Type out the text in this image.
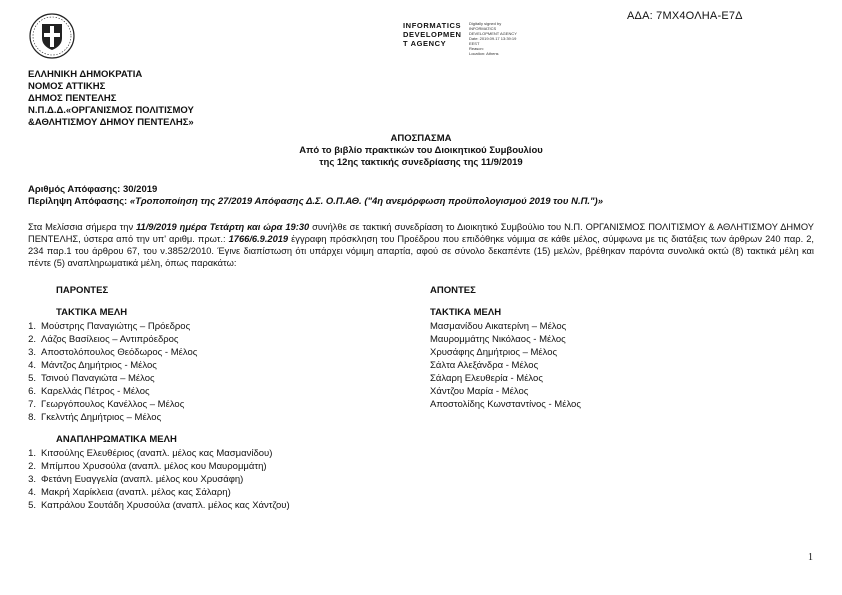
ΑΔΑ: 7ΜΧ4ΟΛΗΑ-Ε7Δ
INFORMATICS
DEVELOPMEN
T AGENCY

Digitally signed by
INFORMATICS
DEVELOPMENT AGENCY
Date: 2019.09.17 13:39:19
EEST
Reason:
Location: Athens
ΕΛΛΗΝΙΚΗ ΔΗΜΟΚΡΑΤΙΑ
ΝΟΜΟΣ ΑΤΤΙΚΗΣ
ΔΗΜΟΣ ΠΕΝΤΕΛΗΣ
Ν.Π.Δ.Δ.«ΟΡΓΑΝΙΣΜΟΣ ΠΟΛΙΤΙΣΜΟΥ
&ΑΘΛΗΤΙΣΜΟΥ ΔΗΜΟΥ ΠΕΝΤΕΛΗΣ»
ΑΠΟΣΠΑΣΜΑ
Από το βιβλίο πρακτικών του Διοικητικού Συμβουλίου
της 12ης τακτικής συνεδρίασης της 11/9/2019
Αριθμός Απόφασης: 30/2019
Περίληψη Απόφασης: «Τροποποίηση της 27/2019 Απόφασης Δ.Σ. Ο.Π.ΑΘ. ("4η ανεμόρφωση προϋπολογισμού 2019 του Ν.Π.")»
Στα Μελίσσια σήμερα την 11/9/2019 ημέρα Τετάρτη και ώρα 19:30 συνήλθε σε τακτική συνεδρίαση το Διοικητικό Συμβούλιο του Ν.Π. ΟΡΓΑΝΙΣΜΟΣ ΠΟΛΙΤΙΣΜΟΥ & ΑΘΛΗΤΙΣΜΟΥ ΔΗΜΟΥ ΠΕΝΤΕΛΗΣ, ύστερα από την υπ' αριθμ. πρωτ.: 1766/6.9.2019 έγγραφη πρόσκληση του Προέδρου που επιδόθηκε νόμιμα σε κάθε μέλος, σύμφωνα με τις διατάξεις των άρθρων 240 παρ. 2, 234 παρ.1 του άρθρου 67, του ν.3852/2010. Έγινε διαπίστωση ότι υπάρχει νόμιμη απαρτία, αφού σε σύνολο δεκαπέντε (15) μελών, βρέθηκαν παρόντα συνολικά οκτώ (8) τακτικά μέλη και πέντε (5) αναπληρωματικά μέλη, όπως παρακάτω:
ΠΑΡΟΝΤΕΣ
ΤΑΚΤΙΚΑ ΜΕΛΗ
1. Μούστρης Παναγιώτης – Πρόεδρος
2. Λάζος Βασίλειος – Αντιπρόεδρος
3. Αποστολόπουλος Θεόδωρος - Μέλος
4. Μάντζος Δημήτριος - Μέλος
5. Τσινού Παναγιώτα – Μέλος
6. Καρελλάς Πέτρος - Μέλος
7. Γεωργόπουλος Κανέλλος – Μέλος
8. Γκελντής Δημήτριος – Μέλος
ΑΝΑΠΛΗΡΩΜΑΤΙΚΑ ΜΕΛΗ
1. Κιτσούλης Ελευθέριος (αναπλ. μέλος κας Μασμανίδου)
2. Μπίμπου Χρυσούλα (αναπλ. μέλος κου Μαυρομμάτη)
3. Φετάνη Ευαγγελία (αναπλ. μέλος κου Χρυσάφη)
4. Μακρή Χαρίκλεια (αναπλ. μέλος κας Σάλαρη)
5. Καπράλου Σουτάδη Χρυσούλα (αναπλ. μέλος κας Χάντζου)
ΑΠΟΝΤΕΣ
ΤΑΚΤΙΚΑ ΜΕΛΗ
Μασμανίδου Αικατερίνη – Μέλος
Μαυρομμάτης Νικόλαος - Μέλος
Χρυσάφης Δημήτριος – Μέλος
Σάλτα Αλεξάνδρα - Μέλος
Σάλαρη Ελευθερία - Μέλος
Χάντζου Μαρία - Μέλος
Αποστολίδης Κωνσταντίνος - Μέλος
1
